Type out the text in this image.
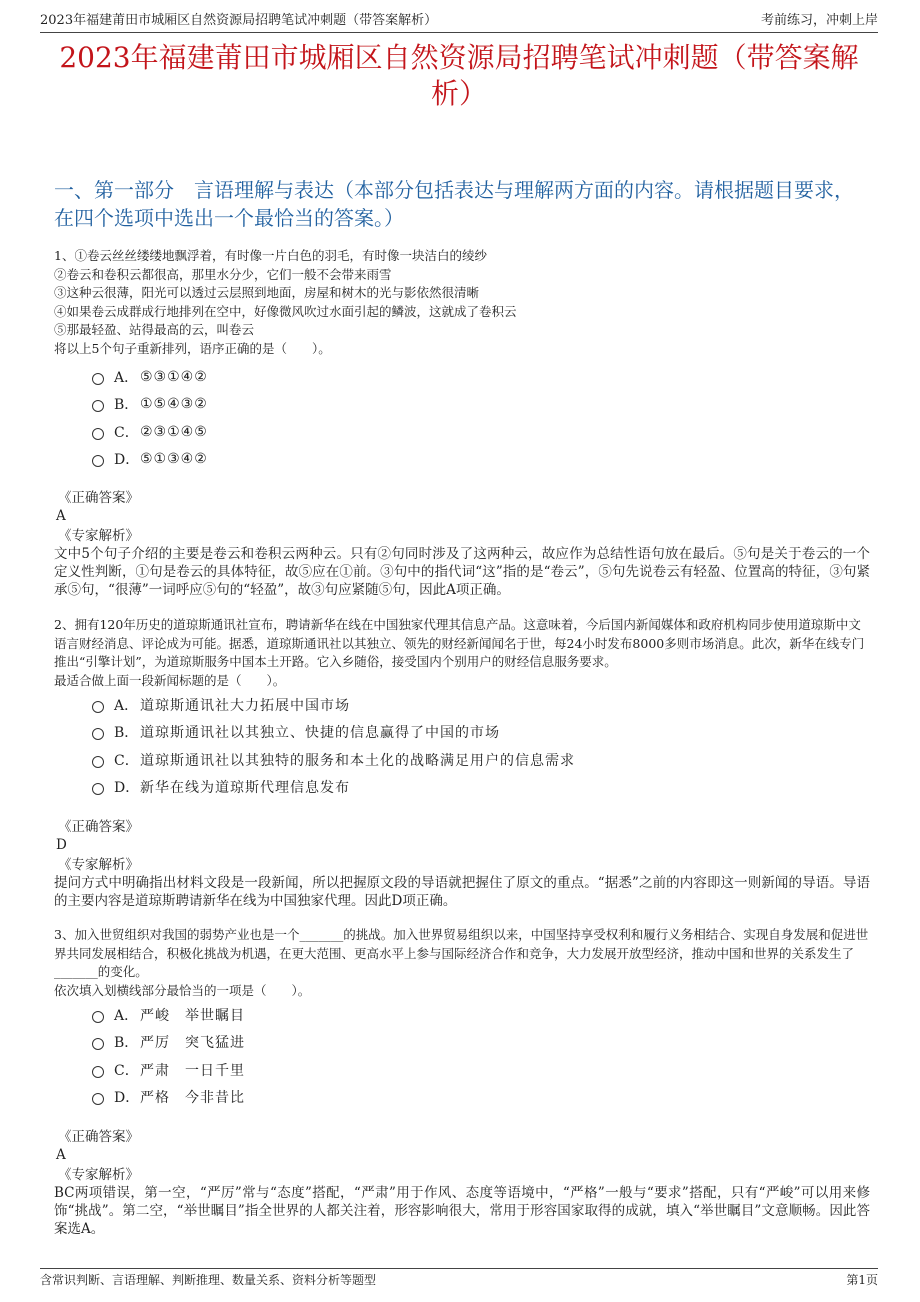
2023年福建莆田市城厢区自然资源局招聘笔试冲刺题（带答案解析）	考前练习，冲刺上岸
2023年福建莆田市城厢区自然资源局招聘笔试冲刺题（带答案解析）
一、第一部分　言语理解与表达（本部分包括表达与理解两方面的内容。请根据题目要求，在四个选项中选出一个最恰当的答案。）
1、①卷云丝丝缕缕地飘浮着，有时像一片白色的羽毛，有时像一块洁白的绫纱
②卷云和卷积云都很高，那里水分少，它们一般不会带来雨雪
③这种云很薄，阳光可以透过云层照到地面，房屋和树木的光与影依然很清晰
④如果卷云成群成行地排列在空中，好像微风吹过水面引起的鳞波，这就成了卷积云
⑤那最轻盈、站得最高的云，叫卷云
将以上5个句子重新排列，语序正确的是（　　）。
A． ⑤③①④②
B． ①⑤④③②
C． ②③①④⑤
D． ⑤①③④②
《正确答案》
A
《专家解析》
文中5个句子介绍的主要是卷云和卷积云两种云。只有②句同时涉及了这两种云，故应作为总结性语句放在最后。⑤句是关于卷云的一个定义性判断，①句是卷云的具体特征，故⑤应在①前。③句中的指代词“这”指的是“卷云”，⑤句先说卷云有轻盈、位置高的特征，③句紧承⑤句，“很薄”一词呼应⑤句的“轻盈”，故③句应紧随⑤句，因此A项正确。
2、拥有120年历史的道琼斯通讯社宣布，聘请新华在线在中国独家代理其信息产品。这意味着，今后国内新闻媒体和政府机构同步使用道琼斯中文语言财经消息、评论成为可能。据悉，道琼斯通讯社以其独立、领先的财经新闻闻名于世，每24小时发布8000多则市场消息。此次，新华在线专门推出“引擎计划”，为道琼斯服务中国本土开路。它入乡随俗，接受国内个别用户的财经信息服务要求。
最适合做上面一段新闻标题的是（　　）。
A． 道琼斯通讯社大力拓展中国市场
B． 道琼斯通讯社以其独立、快捷的信息赢得了中国的市场
C． 道琼斯通讯社以其独特的服务和本土化的战略满足用户的信息需求
D． 新华在线为道琼斯代理信息发布
《正确答案》
D
《专家解析》
提问方式中明确指出材料文段是一段新闻，所以把握原文段的导语就把握住了原文的重点。“据悉”之前的内容即这一则新闻的导语。导语的主要内容是道琼斯聘请新华在线为中国独家代理。因此D项正确。
3、加入世贸组织对我国的弱势产业也是一个_______的挑战。加入世界贸易组织以来，中国坚持享受权利和履行义务相结合、实现自身发展和促进世界共同发展相结合，积极化挑战为机遇，在更大范围、更高水平上参与国际经济合作和竞争，大力发展开放型经济，推动中国和世界的关系发生了_______的变化。
依次填入划横线部分最恰当的一项是（　　）。
A． 严峻　举世瞩目
B． 严厉　突飞猛进
C． 严肃　一日千里
D． 严格　今非昔比
《正确答案》
A
《专家解析》
BC两项错误，第一空，“严厉”常与“态度”搭配，“严肃”用于作风、态度等语境中，“严格”一般与“要求”搭配，只有“严峻”可以用来修饰“挑战”。第二空，“举世瞩目”指全世界的人都关注着，形容影响很大，常用于形容国家取得的成就，填入“举世瞩目”文意顺畅。因此答案选A。
含常识判断、言语理解、判断推理、数量关系、资料分析等题型	第1页
